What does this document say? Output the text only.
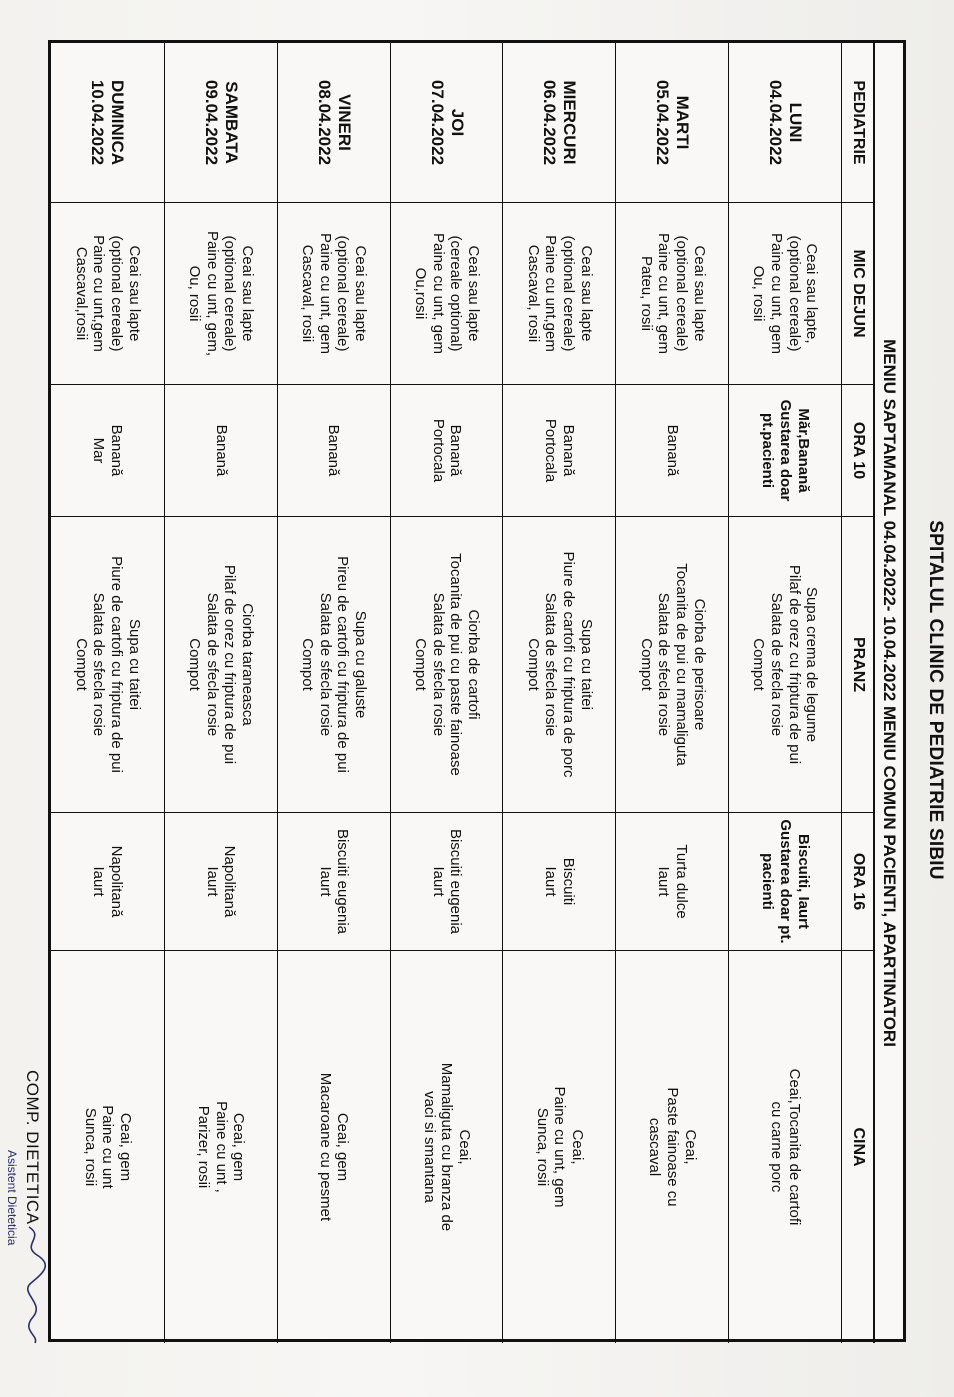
SPITALUL CLINIC DE PEDIATRIE SIBIU
MENIU SAPTAMANAL 04.04.2022- 10.04.2022 MENIU COMUN PACIENTI, APARTINATORI
PEDIATRIE
MIC DEJUN
ORA 10
PRANZ
ORA 16
CINA
LUNI
04.04.2022
Ceai sau lapte,
(optional cereale)
Paine cu unt, gem
Ou, rosii
Măr,Banană
Gustarea doar
pt.pacienti
Supa crema de legume
Pilaf de orez cu friptura de pui
Salata de sfecla rosie
Compot
Biscuiti, Iaurt
Gustarea doar pt.
pacienti
Ceai,Tocanita de cartofi
cu carne porc
MARTI
05.04.2022
Ceai sau lapte
(optional cereale)
Paine cu unt, gem
Pateu, rosii
Banană
Ciorba de perisoare
Tocanita de pui cu mamaliguta
Salata de sfecla rosie
Compot
Turta dulce
Iaurt
Ceai,
Paste fainoase cu
cascaval
MIERCURI
06.04.2022
Ceai sau lapte
(optional cereale)
Paine cu unt,gem
Cascaval, rosii
Banană
Portocala
Supa cu taitei
Piure de cartofi cu friptura de porc
Salata de sfecla rosie
Compot
Biscuiti
Iaurt
Ceai,
Paine cu unt, gem
Sunca, rosii
JOI
07.04.2022
Ceai sau lapte
(cereale optional)
Paine cu unt, gem
Ou,rosii
Banană
Portocala
Ciorba de cartofi
Tocanita de pui cu paste fainoase
Salata de sfecla rosie
Compot
Biscuiti eugenia
Iaurt
Ceai,
Mamaliguta cu branza de
vaci si smantana
VINERI
08.04.2022
Ceai sau lapte
(optional cereale)
Paine cu unt, gem
Cascaval, rosii
Banană
Supa cu galuste
Pireu de cartofi cu friptura de pui
Salata de sfecla rosie
Compot
Biscuiti eugenia
Iaurt
Ceai, gem
Macaroane cu pesmet
SAMBATA
09.04.2022
Ceai sau lapte
(optional cereale)
Paine cu unt, gem,
Ou, rosii
Banană
Ciorba taraneasca
Pilaf de orez cu friptura de pui
Salata de sfecla rosie
Compot
Napolitană
Iaurt
Ceai, gem
Paine cu unt ,
Parizer, rosii
DUMINICA
10.04.2022
Ceai sau lapte
(optional cereale)
Paine cu unt,gem
Cascaval,rosii
Banană
Mar
Supa cu taitei
Piure de cartofi cu friptura de pui
Salata de sfecla rosie
Compot
Napolitană
Iaurt
Ceai, gem
Paine cu unt
Sunca, rosii
COMP. DIETETICA
Asistent Dieteticia
